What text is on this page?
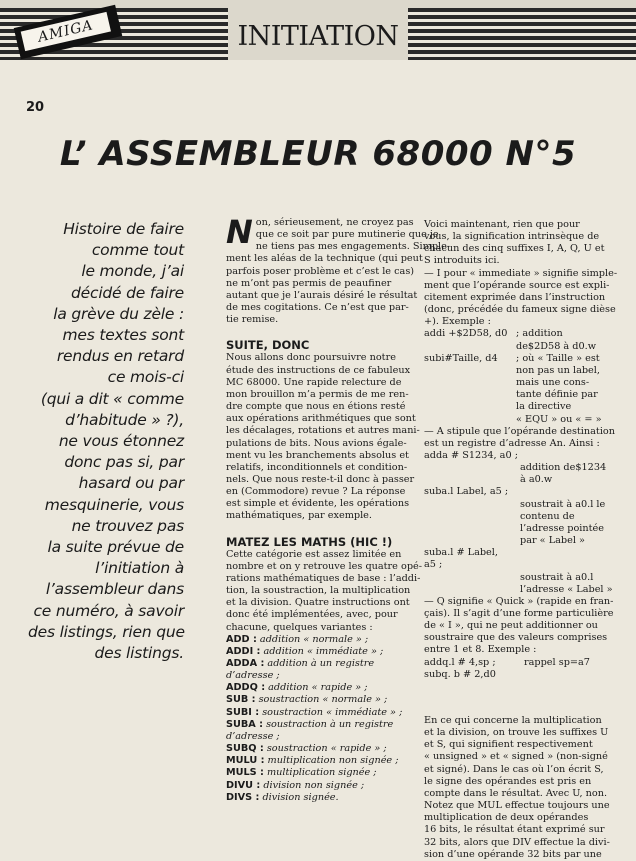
AMIGA	INITIATION
20
L’ ASSEMBLEUR 68000 N°5
Histoire de faire
comme tout
le monde, j’ai
décidé de faire
la grève du zèle :
mes textes sont
rendus en retard
ce mois-ci
(qui a dit « comme
d’habitude » ?),
ne vous étonnez
donc pas si, par
hasard ou par
mesquinerie, vous
ne trouvez pas
la suite prévue de
l’initiation à
l’assembleur dans
ce numéro, à savoir
des listings, rien que
des listings.
N on, sérieusement, ne croyez pas
que ce soit par pure mutinerie que je
ne tiens pas mes engagements. Simple-
ment les aléas de la technique (qui peut
parfois poser problème et c’est le cas)
ne m’ont pas permis de peaufiner
autant que je l’aurais désiré le résultat
de mes cogitations. Ce n’est que par-
tie remise.
SUITE, DONC
Nous allons donc poursuivre notre
étude des instructions de ce fabuleux
MC 68000. Une rapide relecture de
mon brouillon m’a permis de me ren-
dre compte que nous en étions resté
aux opérations arithmétiques que sont
les décalages, rotations et autres mani-
pulations de bits. Nous avions égale-
ment vu les branchements absolus et
relatifs, inconditionnels et condition-
nels. Que nous reste-t-il donc à passer
en (Commodore) revue ? La réponse
est simple et évidente, les opérations
mathématiques, par exemple.
MATEZ LES MATHS (HIC !)
Cette catégorie est assez limitée en
nombre et on y retrouve les quatre opé-
rations mathématiques de base : l’addi-
tion, la soustraction, la multiplication
et la division. Quatre instructions ont
donc été implémentées, avec, pour
chacune, quelques variantes :
ADD : addition « normale » ;
ADDI : addition « immédiate » ;
ADDA : addition à un registre
d’adresse ;
ADDQ : addition « rapide » ;
SUB : soustraction « normale » ;
SUBI : soustraction « immédiate » ;
SUBA : soustraction à un registre
d’adresse ;
SUBQ : soustraction « rapide » ;
MULU : multiplication non signée ;
MULS : multiplication signée ;
DIVU : division non signée ;
DIVS : division signée.
Voici maintenant, rien que pour
vous, la signification intrinsèque de
chacun des cinq suffixes I, A, Q, U et
S introduits ici.
— I pour « immediate » signifie simple-
ment que l’opérande source est expli-
citement exprimée dans l’instruction
(donc, précédée du fameux signe dièse
+). Exemple :
addi +$2D58, d0 ; addition
de$2D58 à d0.w
subi#Taille, d4	; où « Taille » est
non pas un label,
mais une cons-
tante définie par
la directive
« EQU » ou « = »
— A stipule que l’opérande destination
est un registre d’adresse An. Ainsi :
adda # S1234, a0 ;
addition de$1234
à a0.w
suba.l Label, a5 ;
soustrait à a0.l le
contenu de
l’adresse pointée
par « Label »
suba.l # Label,
a5 ;
soustrait à a0.l
l’adresse « Label »
— Q signifie « Quick » (rapide en fran-
çais). Il s’agit d’une forme particulière
de « I », qui ne peut additionner ou
soustraire que des valeurs comprises
entre 1 et 8. Exemple :
addq.l # 4,sp ;	rappel sp=a7
subq. b # 2,d0
En ce qui concerne la multiplication
et la division, on trouve les suffixes U
et S, qui signifient respectivement
« unsigned » et « signed » (non-signé
et signé). Dans le cas où l’on écrit S,
le signe des opérandes est pris en
compte dans le résultat. Avec U, non.
Notez que MUL effectue toujours une
multiplication de deux opérandes
16 bits, le résultat étant exprimé sur
32 bits, alors que DIV effectue la divi-
sion d’une opérande 32 bits par une
